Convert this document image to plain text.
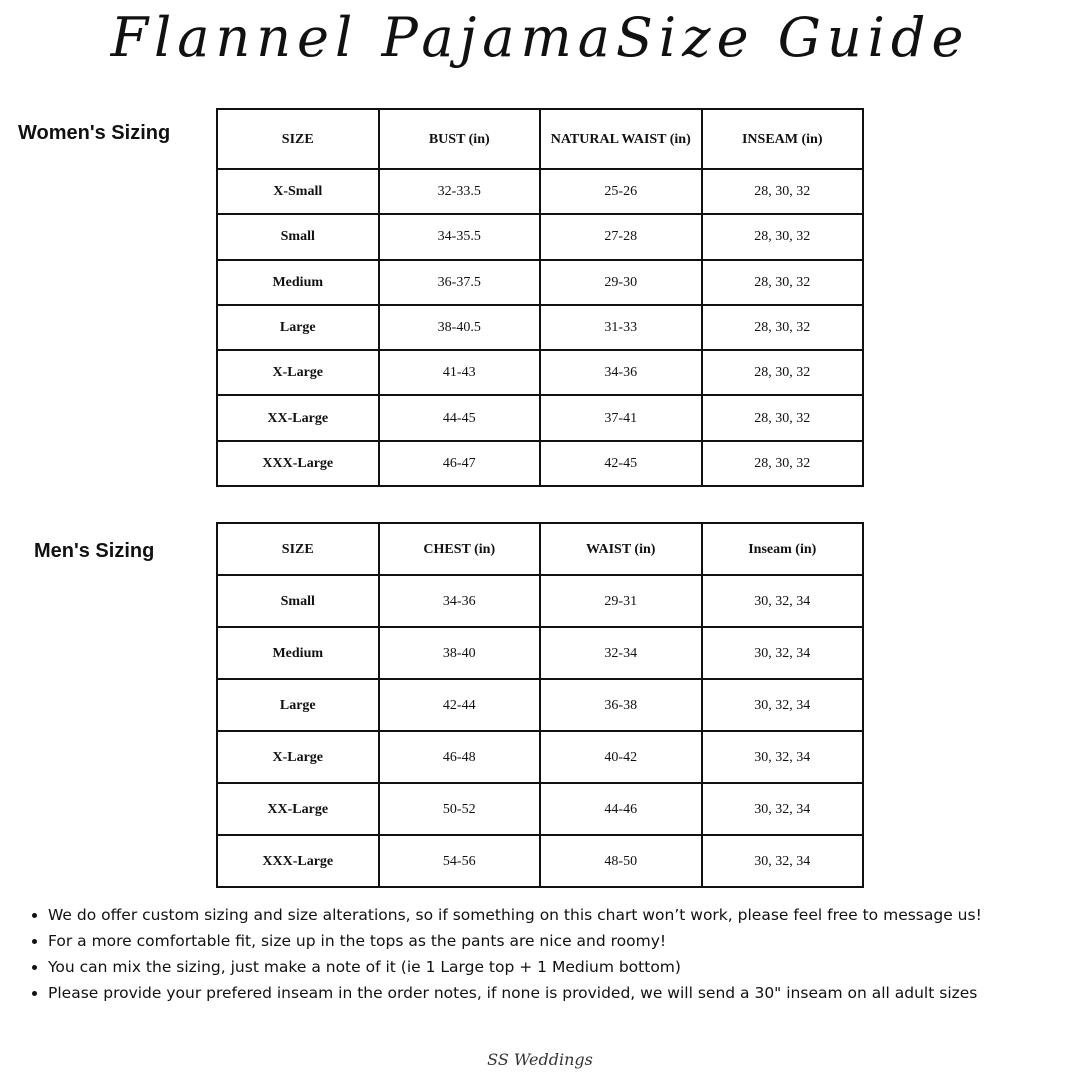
Flannel PajamaSize Guide
Women's Sizing	SIZE	BUST (in)	NATURAL WAIST (in)	INSEAM (in)
X-Small	32-33.5	25-26	28, 30, 32
Small	34-35.5	27-28	28, 30, 32
Medium	36-37.5	29-30	28, 30, 32
Large	38-40.5	31-33	28, 30, 32
X-Large	41-43	34-36	28, 30, 32
XX-Large	44-45	37-41	28, 30, 32
XXX-Large	46-47	42-45	28, 30, 32
Men's Sizing	SIZE	CHEST (in)	WAIST (in)	Inseam (in)
Small	34-36	29-31	30, 32, 34
Medium	38-40	32-34	30, 32, 34
Large	42-44	36-38	30, 32, 34
X-Large	46-48	40-42	30, 32, 34
XX-Large	50-52	44-46	30, 32, 34
XXX-Large	54-56	48-50	30, 32, 34
• We do offer custom sizing and size alterations, so if something on this chart won’t work, please feel free to message us!
• For a more comfortable fit, size up in the tops as the pants are nice and roomy!
• You can mix the sizing, just make a note of it (ie 1 Large top + 1 Medium bottom)
• Please provide your prefered inseam in the order notes, if none is provided, we will send a 30" inseam on all adult sizes
SS Weddings
